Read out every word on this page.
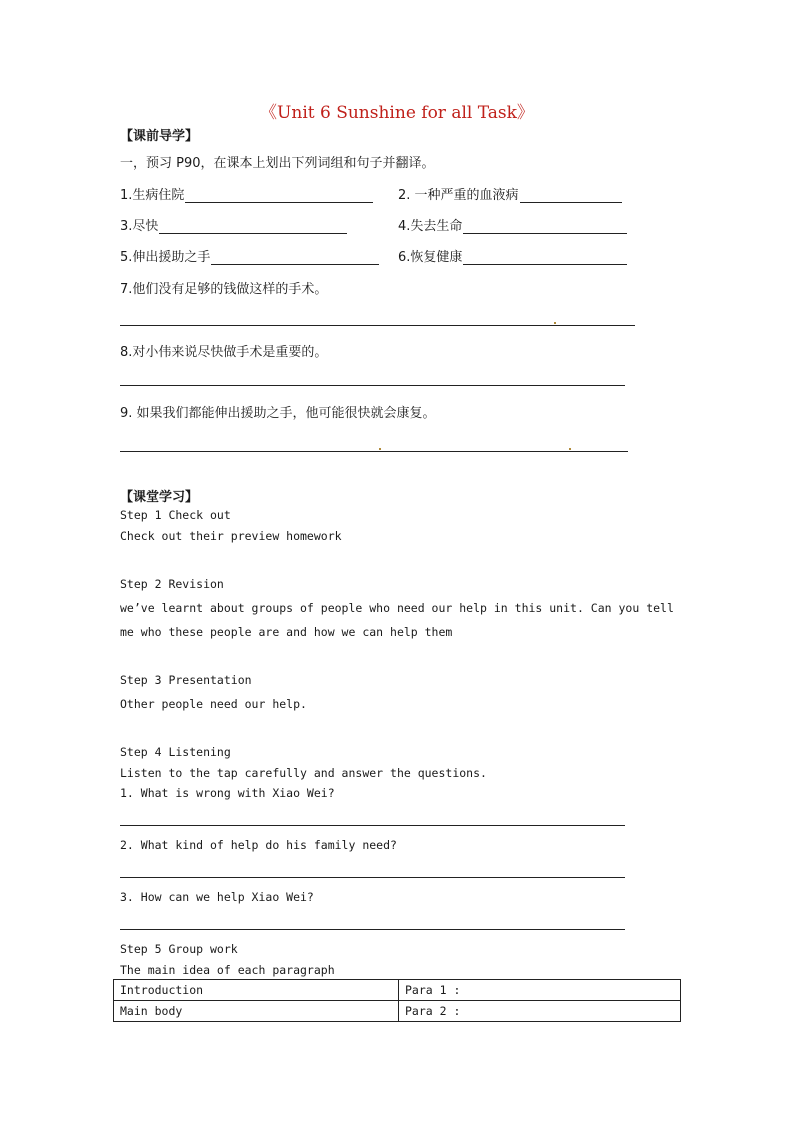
《Unit 6 Sunshine for all Task》
【课前导学】
一，预习 P90，在课本上划出下列词组和句子并翻译。
1.生病住院	2. 一种严重的血液病
3.尽快	4.失去生命
5.伸出援助之手	6.恢复健康
7.他们没有足够的钱做这样的手术。
8.对小伟来说尽快做手术是重要的。
9. 如果我们都能伸出援助之手，他可能很快就会康复。
【课堂学习】
Step 1 Check out
Check out their preview homework
Step 2 Revision
we’ve learnt about groups of people who need our help in this unit. Can you tell
me who these people are and how we can help them
Step 3 Presentation
Other people need our help.
Step 4 Listening
Listen to the tap carefully and answer the questions.
1. What is wrong with Xiao Wei?
2. What kind of help do his family need?
3. How can we help Xiao Wei?
Step 5 Group work
The main idea of each paragraph
Introduction	Para 1 :
Main body	Para 2 :
